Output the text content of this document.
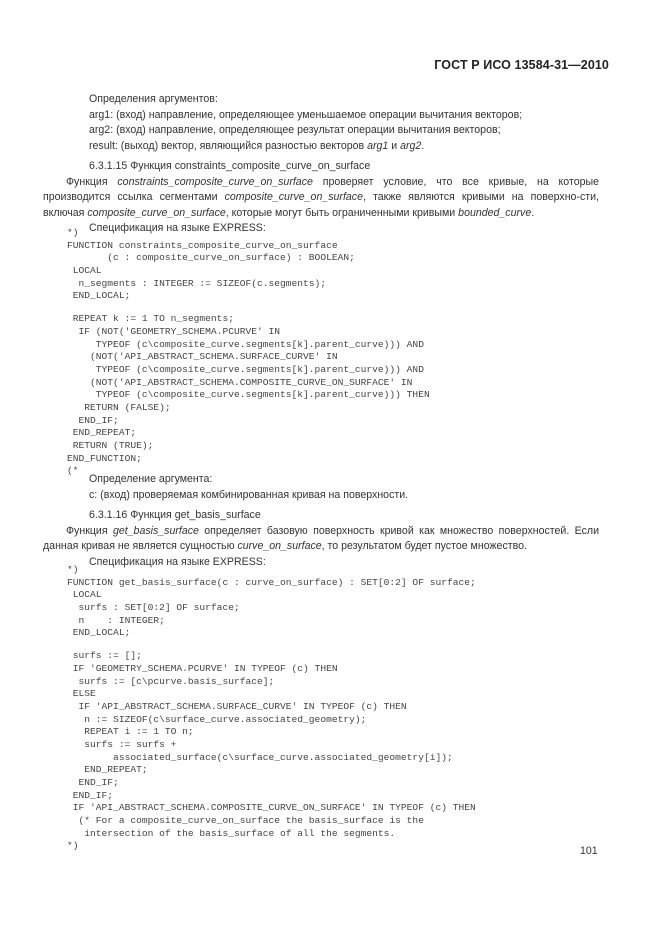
ГОСТ Р ИСО 13584-31—2010

Определения аргументов:

arg1: (вход) направление, определяющее уменьшаемое операции вычитания векторов;

arg2: (вход) направление, определяющее результат операции вычитания векторов;

result: (выход) вектор, являющийся разностью векторов arg1 и arg2.

6.3.1.15 Функция constraints_composite_curve_on_surface

Функция constraints_composite_curve_on_surface проверяет условие, что все кривые, на которые производится ссылка сегментами composite_curve_on_surface, также являются кривыми на поверхно-сти, включая composite_curve_on_surface, которые могут быть ограниченными кривыми bounded_curve.

Спецификация на языке EXPRESS:

*)
FUNCTION constraints_composite_curve_on_surface
(c : composite_curve_on_surface) : BOOLEAN;
LOCAL
n_segments : INTEGER := SIZEOF(c.segments);
END_LOCAL;
REPEAT k := 1 TO n_segments;
IF (NOT('GEOMETRY_SCHEMA.PCURVE' IN
TYPEOF (c\composite_curve.segments[k].parent_curve))) AND
(NOT('API_ABSTRACT_SCHEMA.SURFACE_CURVE' IN
TYPEOF (c\composite_curve.segments[k].parent_curve))) AND
(NOT('API_ABSTRACT_SCHEMA.COMPOSITE_CURVE_ON_SURFACE' IN
TYPEOF (c\composite_curve.segments[k].parent_curve))) THEN
RETURN (FALSE);
END_IF;
END_REPEAT;
RETURN (TRUE);
END_FUNCTION;
(*

Определение аргумента:

c: (вход) проверяемая комбинированная кривая на поверхности.

6.3.1.16 Функция get_basis_surface

Функция get_basis_surface определяет базовую поверхность кривой как множество поверхностей. Если данная кривая не является сущностью curve_on_surface, то результатом будет пустое множество.

Спецификация на языке EXPRESS:

*)
FUNCTION get_basis_surface(c : curve_on_surface) : SET[0:2] OF surface;
LOCAL
surfs : SET[0:2] OF surface;
n    : INTEGER;
END_LOCAL;
surfs := [];
IF 'GEOMETRY_SCHEMA.PCURVE' IN TYPEOF (c) THEN
surfs := [c\pcurve.basis_surface];
ELSE
IF 'API_ABSTRACT_SCHEMA.SURFACE_CURVE' IN TYPEOF (c) THEN
n := SIZEOF(c\surface_curve.associated_geometry);
REPEAT i := 1 TO n;
surfs := surfs +
associated_surface(c\surface_curve.associated_geometry[i]);
END_REPEAT;
END_IF;
END_IF;
IF 'API_ABSTRACT_SCHEMA.COMPOSITE_CURVE_ON_SURFACE' IN TYPEOF (c) THEN
(* For a composite_curve_on_surface the basis_surface is the
intersection of the basis_surface of all the segments.
*)	101
